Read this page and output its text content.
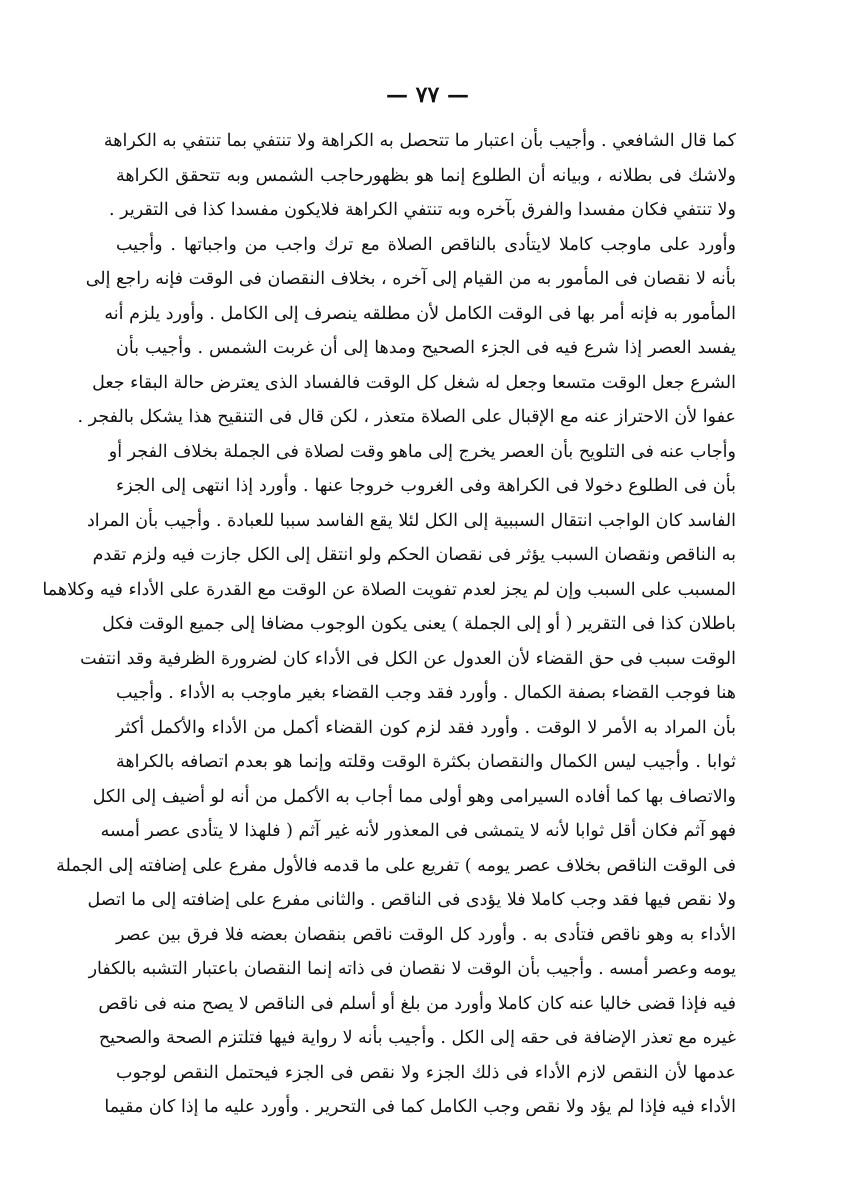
— ٧٧ —
كما قال الشافعي . وأجيب بأن اعتبار ما تتحصل به الكراهة ولا تنتفي بما تنتفي به الكراهة
ولاشك فى بطلانه ، وبيانه أن الطلوع إنما هو بظهورحاجب الشمس وبه تتحقق الكراهة
ولا تنتفي فكان مفسدا والفرق بآخره وبه تنتفي الكراهة فلايكون مفسدا كذا فى التقرير .
وأورد على ماوجب كاملا لايتأدى بالناقص الصلاة مع ترك واجب من واجباتها . وأجيب
بأنه لا نقصان فى المأمور به من القيام إلى آخره ، بخلاف النقصان فى الوقت فإنه راجع إلى
المأمور به فإنه أمر بها فى الوقت الكامل لأن مطلقه ينصرف إلى الكامل . وأورد يلزم أنه
يفسد العصر إذا شرع فيه فى الجزء الصحيح ومدها إلى أن غربت الشمس . وأجيب بأن
الشرع جعل الوقت متسعا وجعل له شغل كل الوقت فالفساد الذى يعترض حالة البقاء جعل
عفوا لأن الاحتراز عنه مع الإقبال على الصلاة متعذر ، لكن قال فى التنقيح هذا يشكل بالفجر .
وأجاب عنه فى التلويح بأن العصر يخرج إلى ماهو وقت لصلاة فى الجملة بخلاف الفجر أو
بأن فى الطلوع دخولا فى الكراهة وفى الغروب خروجا عنها . وأورد إذا انتهى إلى الجزء
الفاسد كان الواجب انتقال السببية إلى الكل لئلا يقع الفاسد سببا للعبادة . وأجيب بأن المراد
به الناقص ونقصان السبب يؤثر فى نقصان الحكم ولو انتقل إلى الكل جازت فيه ولزم تقدم
المسبب على السبب وإن لم يجز لعدم تفويت الصلاة عن الوقت مع القدرة على الأداء فيه وكلاهما
باطلان كذا فى التقرير ( أو إلى الجملة ) يعنى يكون الوجوب مضافا إلى جميع الوقت فكل
الوقت سبب فى حق القضاء لأن العدول عن الكل فى الأداء كان لضرورة الظرفية وقد انتفت
هنا فوجب القضاء بصفة الكمال . وأورد فقد وجب القضاء بغير ماوجب به الأداء . وأجيب
بأن المراد به الأمر لا الوقت . وأورد فقد لزم كون القضاء أكمل من الأداء والأكمل أكثر
ثوابا . وأجيب ليس الكمال والنقصان بكثرة الوقت وقلته وإنما هو بعدم اتصافه بالكراهة
والاتصاف بها كما أفاده السيرامى وهو أولى مما أجاب به الأكمل من أنه لو أضيف إلى الكل
فهو آثم فكان أقل ثوابا لأنه لا يتمشى فى المعذور لأنه غير آثم ( فلهذا لا يتأدى عصر أمسه
فى الوقت الناقص بخلاف عصر يومه ) تفريع على ما قدمه فالأول مفرع على إضافته إلى الجملة
ولا نقص فيها فقد وجب كاملا فلا يؤدى فى الناقص . والثانى مفرع على إضافته إلى ما اتصل
الأداء به وهو ناقص فتأدى به . وأورد كل الوقت ناقص بنقصان بعضه فلا فرق بين عصر
يومه وعصر أمسه . وأجيب بأن الوقت لا نقصان فى ذاته إنما النقصان باعتبار التشبه بالكفار
فيه فإذا قضى خاليا عنه كان كاملا وأورد من بلغ أو أسلم فى الناقص لا يصح منه فى ناقص
غيره مع تعذر الإضافة فى حقه إلى الكل . وأجيب بأنه لا رواية فيها فتلتزم الصحة والصحيح
عدمها لأن النقص لازم الأداء فى ذلك الجزء ولا نقص فى الجزء فيحتمل النقص لوجوب
الأداء فيه فإذا لم يؤد ولا نقص وجب الكامل كما فى التحرير . وأورد عليه ما إذا كان مقيما
